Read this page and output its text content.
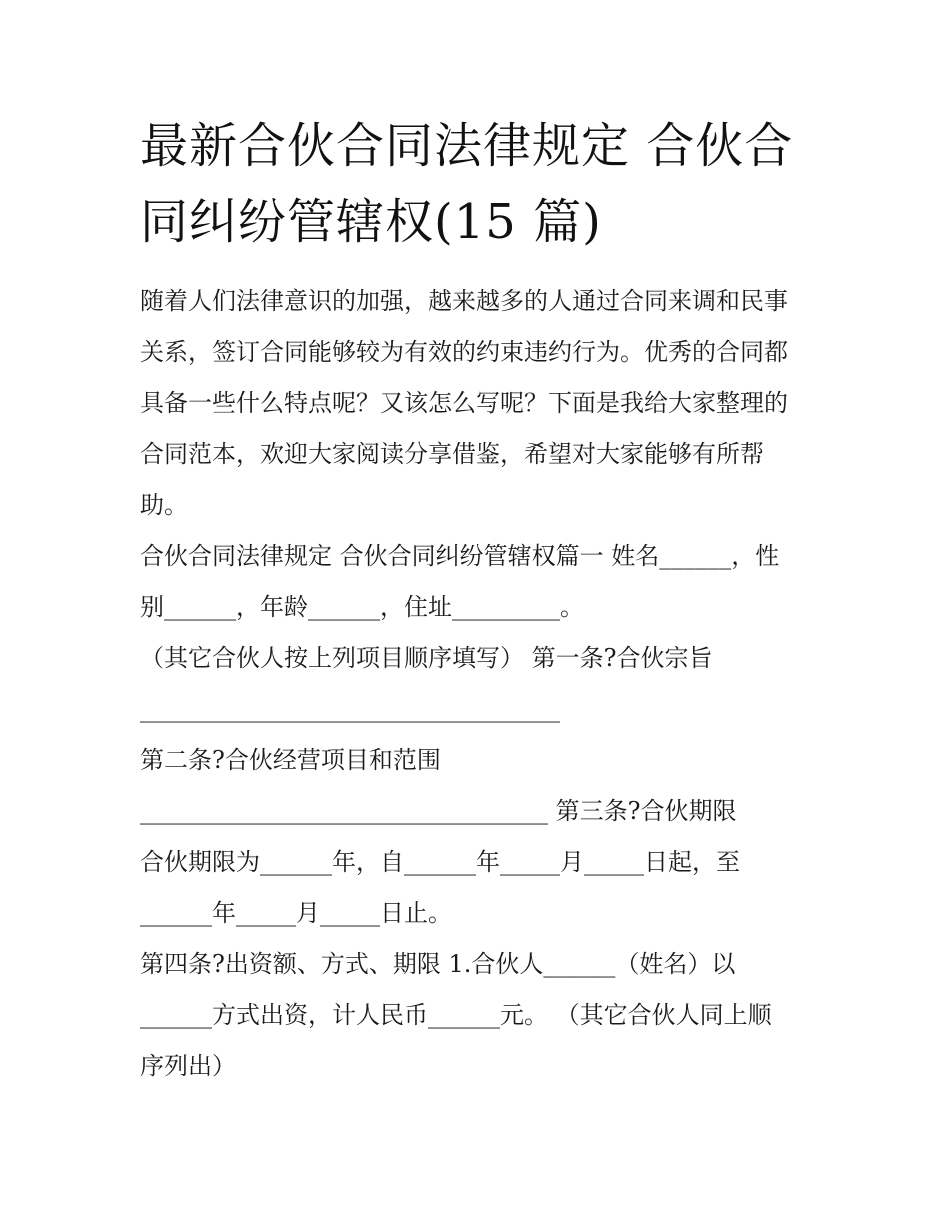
最新合伙合同法律规定 合伙合
同纠纷管辖权(15 篇)
随着人们法律意识的加强，越来越多的人通过合同来调和民事
关系，签订合同能够较为有效的约束违约行为。优秀的合同都
具备一些什么特点呢？又该怎么写呢？下面是我给大家整理的
合同范本，欢迎大家阅读分享借鉴，希望对大家能够有所帮
助。
合伙合同法律规定 合伙合同纠纷管辖权篇一 姓名______，性
别______，年龄______，住址_________。
（其它合伙人按上列项目顺序填写） 第一条?合伙宗旨
___________________________________
第二条?合伙经营项目和范围
__________________________________ 第三条?合伙期限
合伙期限为______年，自______年_____月_____日起，至
______年_____月_____日止。
第四条?出资额、方式、期限 1.合伙人______（姓名）以
______方式出资，计人民币______元。 （其它合伙人同上顺
序列出）
